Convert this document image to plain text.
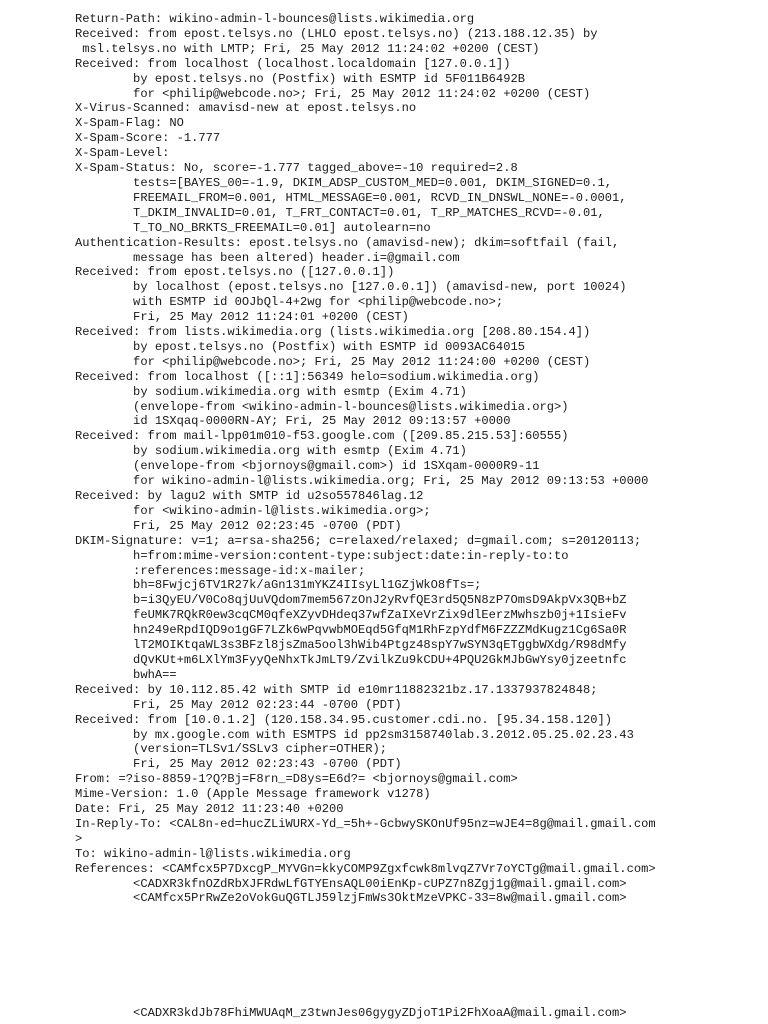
Return-Path: wikino-admin-l-bounces@lists.wikimedia.org
Received: from epost.telsys.no (LHLO epost.telsys.no) (213.188.12.35) by
msl.telsys.no with LMTP; Fri, 25 May 2012 11:24:02 +0200 (CEST)
Received: from localhost (localhost.localdomain [127.0.0.1])
by epost.telsys.no (Postfix) with ESMTP id 5F011B6492B
for <philip@webcode.no>; Fri, 25 May 2012 11:24:02 +0200 (CEST)
X-Virus-Scanned: amavisd-new at epost.telsys.no
X-Spam-Flag: NO
X-Spam-Score: -1.777
X-Spam-Level:
X-Spam-Status: No, score=-1.777 tagged_above=-10 required=2.8
tests=[BAYES_00=-1.9, DKIM_ADSP_CUSTOM_MED=0.001, DKIM_SIGNED=0.1,
FREEMAIL_FROM=0.001, HTML_MESSAGE=0.001, RCVD_IN_DNSWL_NONE=-0.0001,
T_DKIM_INVALID=0.01, T_FRT_CONTACT=0.01, T_RP_MATCHES_RCVD=-0.01,
T_TO_NO_BRKTS_FREEMAIL=0.01] autolearn=no
Authentication-Results: epost.telsys.no (amavisd-new); dkim=softfail (fail,
message has been altered) header.i=@gmail.com
Received: from epost.telsys.no ([127.0.0.1])
by localhost (epost.telsys.no [127.0.0.1]) (amavisd-new, port 10024)
with ESMTP id 0OJbQl-4+2wg for <philip@webcode.no>;
Fri, 25 May 2012 11:24:01 +0200 (CEST)
Received: from lists.wikimedia.org (lists.wikimedia.org [208.80.154.4])
by epost.telsys.no (Postfix) with ESMTP id 0093AC64015
for <philip@webcode.no>; Fri, 25 May 2012 11:24:00 +0200 (CEST)
Received: from localhost ([::1]:56349 helo=sodium.wikimedia.org)
by sodium.wikimedia.org with esmtp (Exim 4.71)
(envelope-from <wikino-admin-l-bounces@lists.wikimedia.org>)
id 1SXqaq-0000RN-AY; Fri, 25 May 2012 09:13:57 +0000
Received: from mail-lpp01m010-f53.google.com ([209.85.215.53]:60555)
by sodium.wikimedia.org with esmtp (Exim 4.71)
(envelope-from <bjornoys@gmail.com>) id 1SXqam-0000R9-11
for wikino-admin-l@lists.wikimedia.org; Fri, 25 May 2012 09:13:53 +0000
Received: by lagu2 with SMTP id u2so557846lag.12
for <wikino-admin-l@lists.wikimedia.org>;
Fri, 25 May 2012 02:23:45 -0700 (PDT)
DKIM-Signature: v=1; a=rsa-sha256; c=relaxed/relaxed; d=gmail.com; s=20120113;
h=from:mime-version:content-type:subject:date:in-reply-to:to
:references:message-id:x-mailer;
bh=8Fwjcj6TV1R27k/aGn131mYKZ4IIsyLl1GZjWkO8fTs=;
b=i3QyEU/V0Co8qjUuVQdom7mem567zOnJ2yRvfQE3rd5Q5N8zP7OmsD9AkpVx3QB+bZ
feUMK7RQkR0ew3cqCM0qfeXZyvDHdeq37wfZaIXeVrZix9dlEerzMwhszb0j+1IsieFv
hn249eRpdIQD9o1gGF7LZk6wPqvwbMOEqd5GfqM1RhFzpYdfM6FZZZMdKugz1Cg6Sa0R
lT2MOIKtqaWL3s3BFzl8jsZma5ool3hWib4Ptgz48spY7wSYN3qETggbWXdg/R98dMfy
dQvKUt+m6LXlYm3FyyQeNhxTkJmLT9/ZvilkZu9kCDU+4PQU2GkMJbGwYsy0jzeetnfc
bwhA==
Received: by 10.112.85.42 with SMTP id e10mr11882321bz.17.1337937824848;
Fri, 25 May 2012 02:23:44 -0700 (PDT)
Received: from [10.0.1.2] (120.158.34.95.customer.cdi.no. [95.34.158.120])
by mx.google.com with ESMTPS id pp2sm3158740lab.3.2012.05.25.02.23.43
(version=TLSv1/SSLv3 cipher=OTHER);
Fri, 25 May 2012 02:23:43 -0700 (PDT)
From: =?iso-8859-1?Q?Bj=F8rn_=D8ys=E6d?= <bjornoys@gmail.com>
Mime-Version: 1.0 (Apple Message framework v1278)
Date: Fri, 25 May 2012 11:23:40 +0200
In-Reply-To: <CAL8n-ed=hucZLiWURX-Yd_=5h+-GcbwySKOnUf95nz=wJE4=8g@mail.gmail.com
>
To: wikino-admin-l@lists.wikimedia.org
References: <CAMfcx5P7DxcgP_MYVGn=kkyCOMP9Zgxfcwk8mlvqZ7Vr7oYCTg@mail.gmail.com>
<CADXR3kfnOZdRbXJFRdwLfGTYEnsAQL00iEnKp-cUPZ7n8Zgj1g@mail.gmail.com>
<CAMfcx5PrRwZe2oVokGuQGTLJ59lzjFmWs3OktMzeVPKC-33=8w@mail.gmail.com>
<CADXR3kdJb78FhiMWUAqM_z3twnJes06gygyZDjoT1Pi2FhXoaA@mail.gmail.com>
